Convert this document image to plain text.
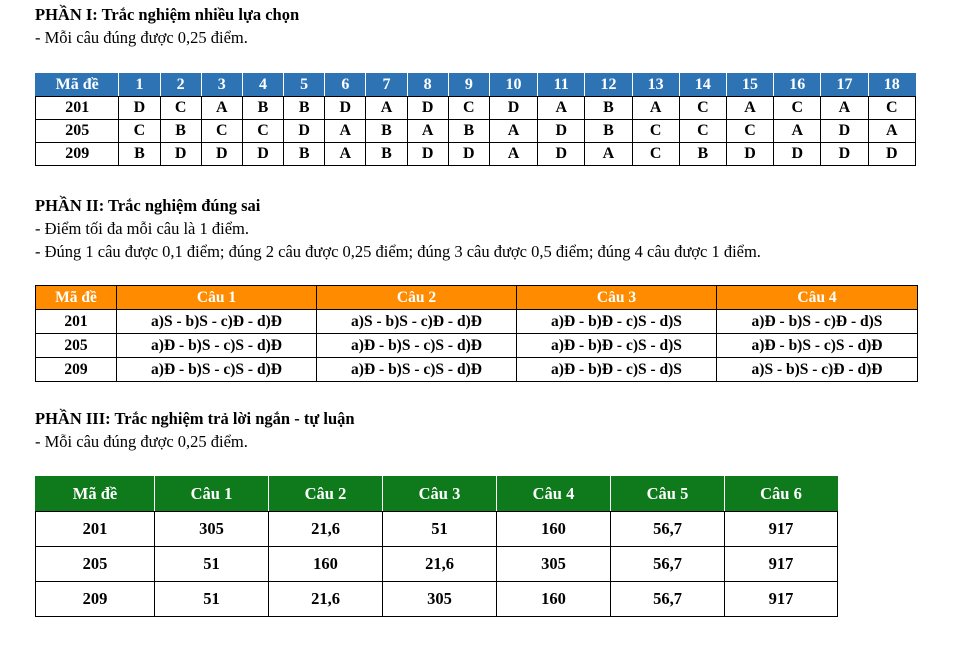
PHẦN I: Trắc nghiệm nhiều lựa chọn
- Mỗi câu đúng được 0,25 điểm.
Mã đề	1	2	3	4	5	6	7	8	9	10	11	12	13	14	15	16	17	18
201	D	C	A	B	B	D	A	D	C	D	A	B	A	C	A	C	A	C
205	C	B	C	C	D	A	B	A	B	A	D	B	C	C	C	A	D	A
209	B	D	D	D	B	A	B	D	D	A	D	A	C	B	D	D	D	D
PHẦN II: Trắc nghiệm đúng sai
- Điểm tối đa mỗi câu là 1 điểm.
- Đúng 1 câu được 0,1 điểm; đúng 2 câu được 0,25 điểm; đúng 3 câu được 0,5 điểm; đúng 4 câu được 1 điểm.
Mã đề	Câu 1	Câu 2	Câu 3	Câu 4
201	a)S - b)S - c)Đ - d)Đ	a)S - b)S - c)Đ - d)Đ	a)Đ - b)Đ - c)S - d)S	a)Đ - b)S - c)Đ - d)S
205	a)Đ - b)S - c)S - d)Đ	a)Đ - b)S - c)S - d)Đ	a)Đ - b)Đ - c)S - d)S	a)Đ - b)S - c)S - d)Đ
209	a)Đ - b)S - c)S - d)Đ	a)Đ - b)S - c)S - d)Đ	a)Đ - b)Đ - c)S - d)S	a)S - b)S - c)Đ - d)Đ
PHẦN III: Trắc nghiệm trả lời ngắn - tự luận
- Mỗi câu đúng được 0,25 điểm.
Mã đề	Câu 1	Câu 2	Câu 3	Câu 4	Câu 5	Câu 6
201	305	21,6	51	160	56,7	917
205	51	160	21,6	305	56,7	917
209	51	21,6	305	160	56,7	917
